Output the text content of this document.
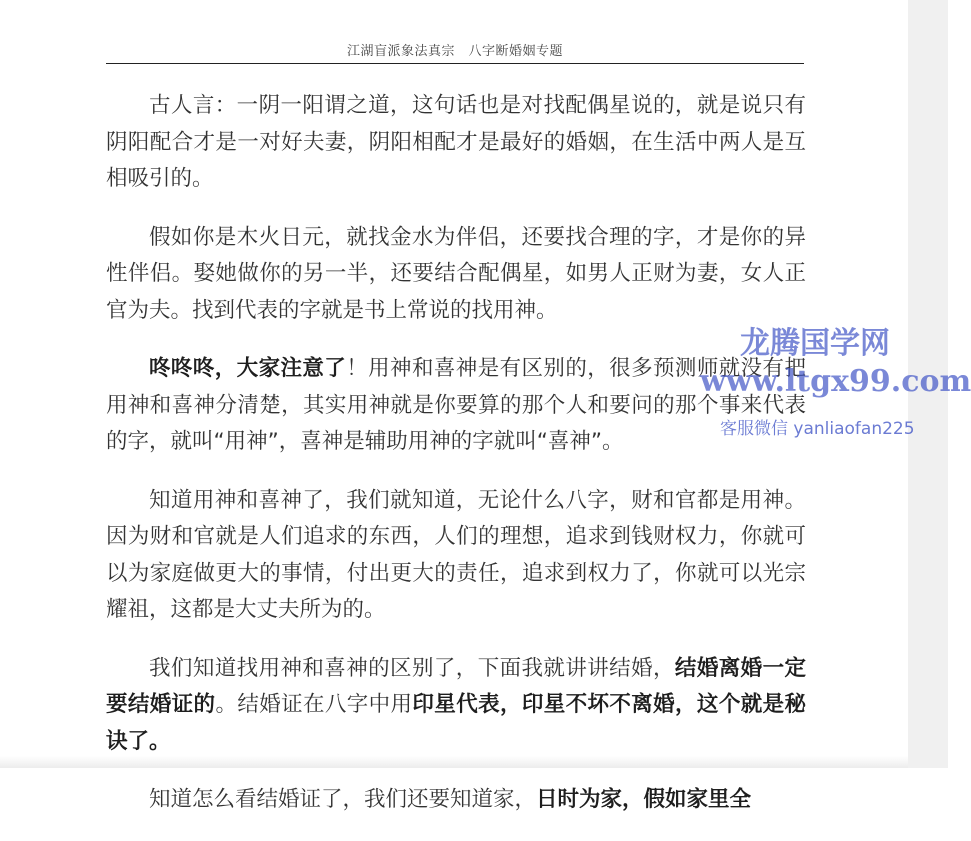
江湖盲派象法真宗　八字断婚姻专题

古人言：一阴一阳谓之道，这句话也是对找配偶星说的，就是说只有阴阳配合才是一对好夫妻，阴阳相配才是最好的婚姻，在生活中两人是互相吸引的。

假如你是木火日元，就找金水为伴侣，还要找合理的字，才是你的异性伴侣。娶她做你的另一半，还要结合配偶星，如男人正财为妻，女人正官为夫。找到代表的字就是书上常说的找用神。

咚咚咚，大家注意了！用神和喜神是有区别的，很多预测师就没有把用神和喜神分清楚，其实用神就是你要算的那个人和要问的那个事来代表的字，就叫“用神”，喜神是辅助用神的字就叫“喜神”。

知道用神和喜神了，我们就知道，无论什么八字，财和官都是用神。因为财和官就是人们追求的东西，人们的理想，追求到钱财权力，你就可以为家庭做更大的事情，付出更大的责任，追求到权力了，你就可以光宗耀祖，这都是大丈夫所为的。

我们知道找用神和喜神的区别了，下面我就讲讲结婚，结婚离婚一定要结婚证的。结婚证在八字中用印星代表，印星不坏不离婚，这个就是秘诀了。

知道怎么看结婚证了，我们还要知道家，日时为家，假如家里全

龙腾国学网
www.ltgx99.com
客服微信 yanliaofan225
